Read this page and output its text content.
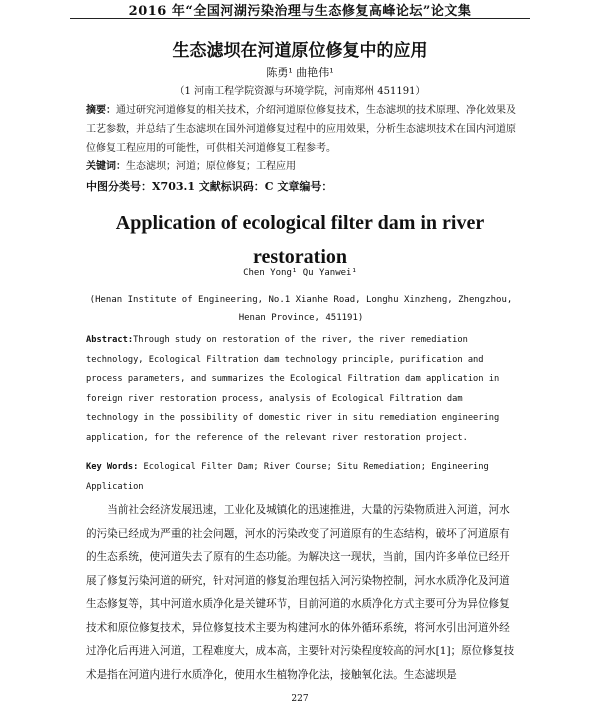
2016 年“全国河湖污染治理与生态修复高峰论坛”论文集
生态滤坝在河道原位修复中的应用
陈勇¹ 曲艳伟¹
（1 河南工程学院资源与环境学院，河南郑州 451191）
摘要：通过研究河道修复的相关技术，介绍河道原位修复技术，生态滤坝的技术原理、净化效果及工艺参数，并总结了生态滤坝在国外河道修复过程中的应用效果，分析生态滤坝技术在国内河道原位修复工程应用的可能性，可供相关河道修复工程参考。
关键词：生态滤坝；河道；原位修复；工程应用
中图分类号：X703.1 文献标识码：C 文章编号：
Application of ecological filter dam in river restoration
Chen Yong¹ Qu Yanwei¹
(Henan Institute of Engineering, No.1 Xianhe Road, Longhu Xinzheng, Zhengzhou, Henan Province, 451191)
Abstract:Through study on restoration of the river, the river remediation technology, Ecological Filtration dam technology principle, purification and process parameters, and summarizes the Ecological Filtration dam application in foreign river restoration process, analysis of Ecological Filtration dam technology in the possibility of domestic river in situ remediation engineering application, for the reference of the relevant river restoration project.
Key Words: Ecological Filter Dam; River Course; Situ Remediation; Engineering Application
当前社会经济发展迅速，工业化及城镇化的迅速推进，大量的污染物质进入河道，河水的污染已经成为严重的社会问题，河水的污染改变了河道原有的生态结构，破坏了河道原有的生态系统，使河道失去了原有的生态功能。为解决这一现状，当前，国内许多单位已经开展了修复污染河道的研究，针对河道的修复治理包括入河污染物控制，河水水质净化及河道生态修复等，其中河道水质净化是关键环节，目前河道的水质净化方式主要可分为异位修复技术和原位修复技术，异位修复技术主要为构建河水的体外循环系统，将河水引出河道外经过净化后再进入河道，工程难度大，成本高，主要针对污染程度较高的河水[1]；原位修复技术是指在河道内进行水质净化，使用水生植物净化法，接触氧化法。生态滤坝是
227
